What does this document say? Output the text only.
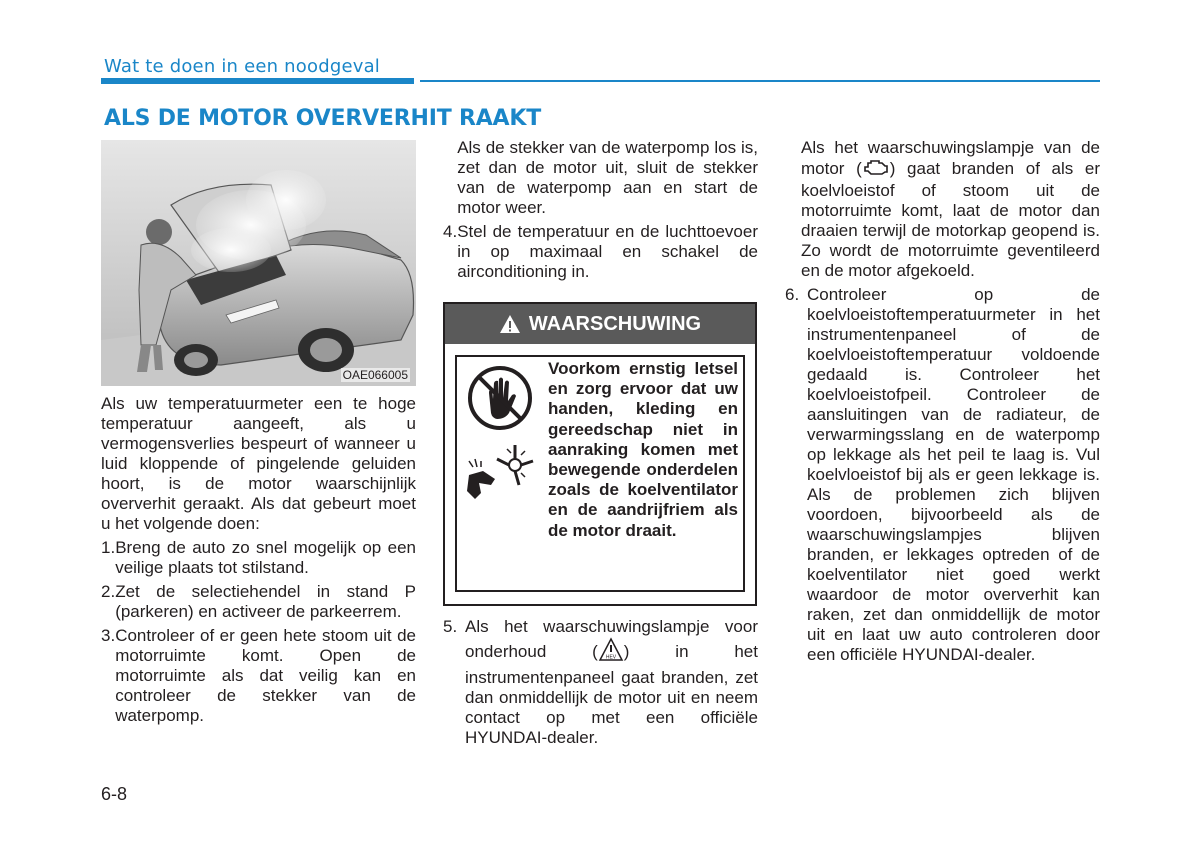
Wat te doen in een noodgeval
ALS DE MOTOR OVERVERHIT RAAKT
OAE066005

Als uw temperatuurmeter een te hoge temperatuur aangeeft, als u vermogensverlies bespeurt of wanneer u luid kloppende of pingelende geluiden hoort, is de motor waarschijnlijk oververhit geraakt. Als dat gebeurt moet u het volgende doen:

1. Breng de auto zo snel mogelijk op een veilige plaats tot stilstand.
2. Zet de selectiehendel in stand P (parkeren) en activeer de parkeerrem.
3. Controleer of er geen hete stoom uit de motorruimte komt. Open de motorruimte als dat veilig kan en controleer de stekker van de waterpomp.
Als de stekker van de waterpomp los is, zet dan de motor uit, sluit de stekker van de waterpomp aan en start de motor weer.
4. Stel de temperatuur en de luchttoevoer in op maximaal en schakel de airconditioning in.
WAARSCHUWING

Voorkom ernstig letsel en zorg ervoor dat uw handen, kleding en gereedschap niet in aanraking komen met bewegende onderdelen zoals de koelventilator en de aandrijfriem als de motor draait.

5. Als het waarschuwingslampje voor onderhoud ( HEV ) in het instrumentenpaneel gaat branden, zet dan onmiddellijk de motor uit en neem contact op met een officiële HYUNDAI-dealer.
Als het waarschuwingslampje van de motor ( ) gaat branden of als er koelvloeistof of stoom uit de motorruimte komt, laat de motor dan draaien terwijl de motorkap geopend is. Zo wordt de motorruimte geventileerd en de motor afgekoeld.
6. Controleer op de koelvloeistoftemperatuurmeter in het instrumentenpaneel of de koelvloeistoftemperatuur voldoende gedaald is. Controleer het koelvloeistofpeil. Controleer de aansluitingen van de radiateur, de verwarmingsslang en de waterpomp op lekkage als het peil te laag is. Vul koelvloeistof bij als er geen lekkage is. Als de problemen zich blijven voordoen, bijvoorbeeld als de waarschuwingslampjes blijven branden, er lekkages optreden of de koelventilator niet goed werkt waardoor de motor oververhit kan raken, zet dan onmiddellijk de motor uit en laat uw auto controleren door een officiële HYUNDAI-dealer.
6-8
